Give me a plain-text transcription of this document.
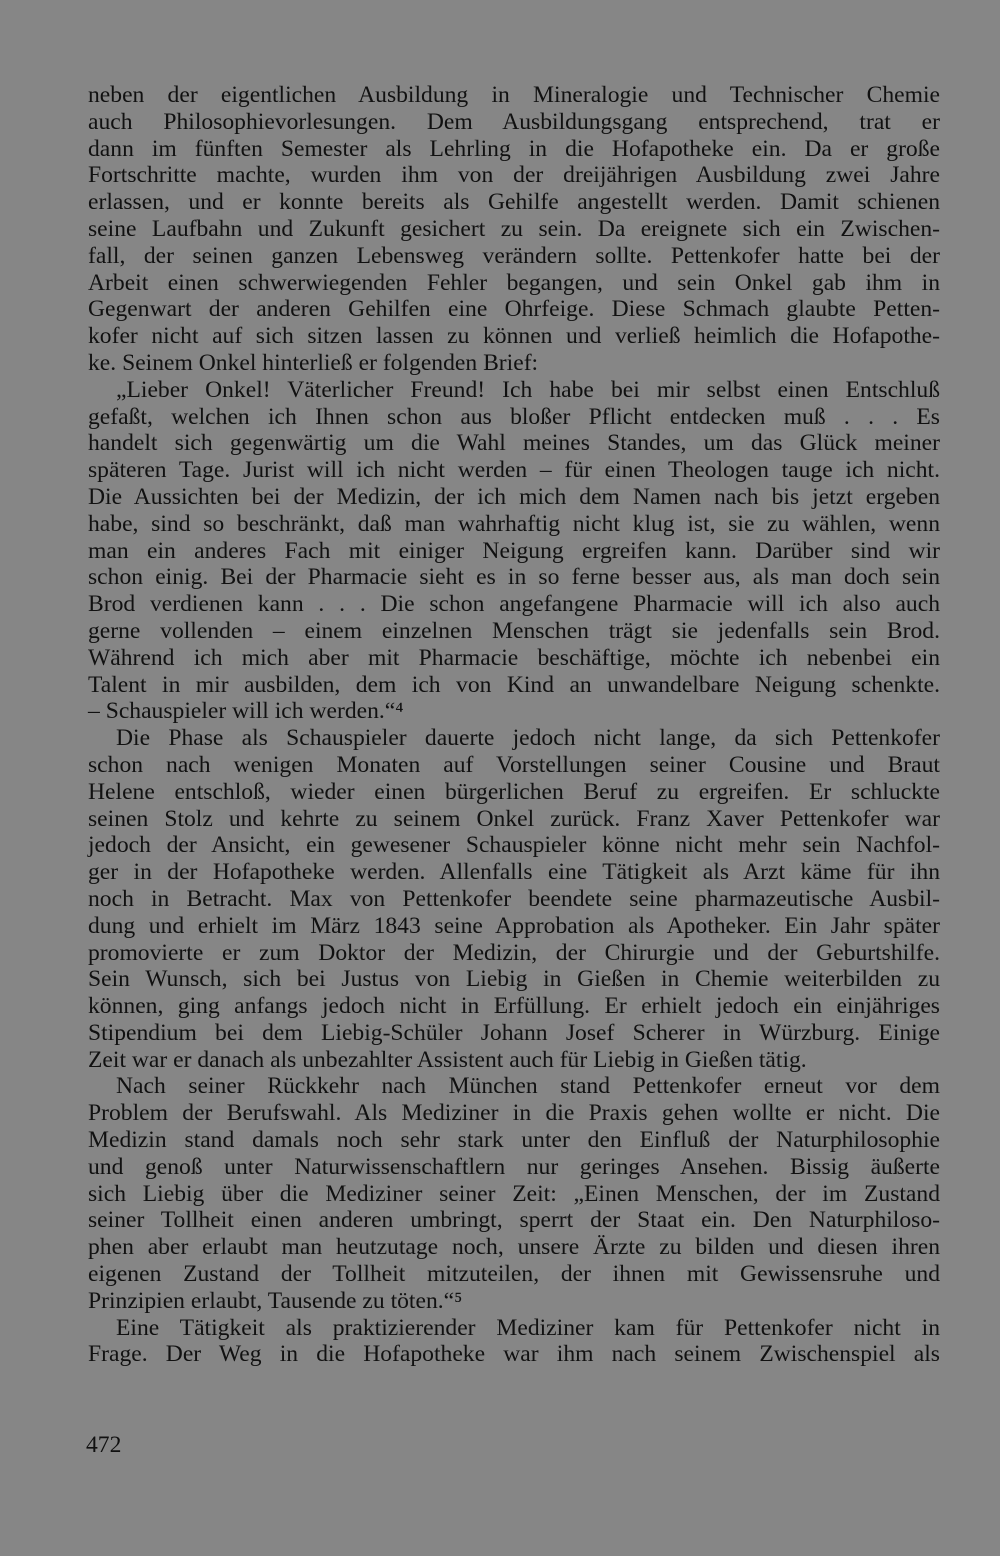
neben der eigentlichen Ausbildung in Mineralogie und Technischer Chemie
auch Philosophievorlesungen. Dem Ausbildungsgang entsprechend, trat er
dann im fünften Semester als Lehrling in die Hofapotheke ein. Da er große
Fortschritte machte, wurden ihm von der dreijährigen Ausbildung zwei Jahre
erlassen, und er konnte bereits als Gehilfe angestellt werden. Damit schienen
seine Laufbahn und Zukunft gesichert zu sein. Da ereignete sich ein Zwischen-
fall, der seinen ganzen Lebensweg verändern sollte. Pettenkofer hatte bei der
Arbeit einen schwerwiegenden Fehler begangen, und sein Onkel gab ihm in
Gegenwart der anderen Gehilfen eine Ohrfeige. Diese Schmach glaubte Petten-
kofer nicht auf sich sitzen lassen zu können und verließ heimlich die Hofapothe-
ke. Seinem Onkel hinterließ er folgenden Brief:
„Lieber Onkel! Väterlicher Freund! Ich habe bei mir selbst einen Entschluß
gefaßt, welchen ich Ihnen schon aus bloßer Pflicht entdecken muß . . . Es
handelt sich gegenwärtig um die Wahl meines Standes, um das Glück meiner
späteren Tage. Jurist will ich nicht werden – für einen Theologen tauge ich nicht.
Die Aussichten bei der Medizin, der ich mich dem Namen nach bis jetzt ergeben
habe, sind so beschränkt, daß man wahrhaftig nicht klug ist, sie zu wählen, wenn
man ein anderes Fach mit einiger Neigung ergreifen kann. Darüber sind wir
schon einig. Bei der Pharmacie sieht es in so ferne besser aus, als man doch sein
Brod verdienen kann . . . Die schon angefangene Pharmacie will ich also auch
gerne vollenden – einem einzelnen Menschen trägt sie jedenfalls sein Brod.
Während ich mich aber mit Pharmacie beschäftige, möchte ich nebenbei ein
Talent in mir ausbilden, dem ich von Kind an unwandelbare Neigung schenkte.
– Schauspieler will ich werden.“⁴
Die Phase als Schauspieler dauerte jedoch nicht lange, da sich Pettenkofer
schon nach wenigen Monaten auf Vorstellungen seiner Cousine und Braut
Helene entschloß, wieder einen bürgerlichen Beruf zu ergreifen. Er schluckte
seinen Stolz und kehrte zu seinem Onkel zurück. Franz Xaver Pettenkofer war
jedoch der Ansicht, ein gewesener Schauspieler könne nicht mehr sein Nachfol-
ger in der Hofapotheke werden. Allenfalls eine Tätigkeit als Arzt käme für ihn
noch in Betracht. Max von Pettenkofer beendete seine pharmazeutische Ausbil-
dung und erhielt im März 1843 seine Approbation als Apotheker. Ein Jahr später
promovierte er zum Doktor der Medizin, der Chirurgie und der Geburtshilfe.
Sein Wunsch, sich bei Justus von Liebig in Gießen in Chemie weiterbilden zu
können, ging anfangs jedoch nicht in Erfüllung. Er erhielt jedoch ein einjähriges
Stipendium bei dem Liebig-Schüler Johann Josef Scherer in Würzburg. Einige
Zeit war er danach als unbezahlter Assistent auch für Liebig in Gießen tätig.
Nach seiner Rückkehr nach München stand Pettenkofer erneut vor dem
Problem der Berufswahl. Als Mediziner in die Praxis gehen wollte er nicht. Die
Medizin stand damals noch sehr stark unter den Einfluß der Naturphilosophie
und genoß unter Naturwissenschaftlern nur geringes Ansehen. Bissig äußerte
sich Liebig über die Mediziner seiner Zeit: „Einen Menschen, der im Zustand
seiner Tollheit einen anderen umbringt, sperrt der Staat ein. Den Naturphiloso-
phen aber erlaubt man heutzutage noch, unsere Ärzte zu bilden und diesen ihren
eigenen Zustand der Tollheit mitzuteilen, der ihnen mit Gewissensruhe und
Prinzipien erlaubt, Tausende zu töten.“⁵
Eine Tätigkeit als praktizierender Mediziner kam für Pettenkofer nicht in
Frage. Der Weg in die Hofapotheke war ihm nach seinem Zwischenspiel als
472
